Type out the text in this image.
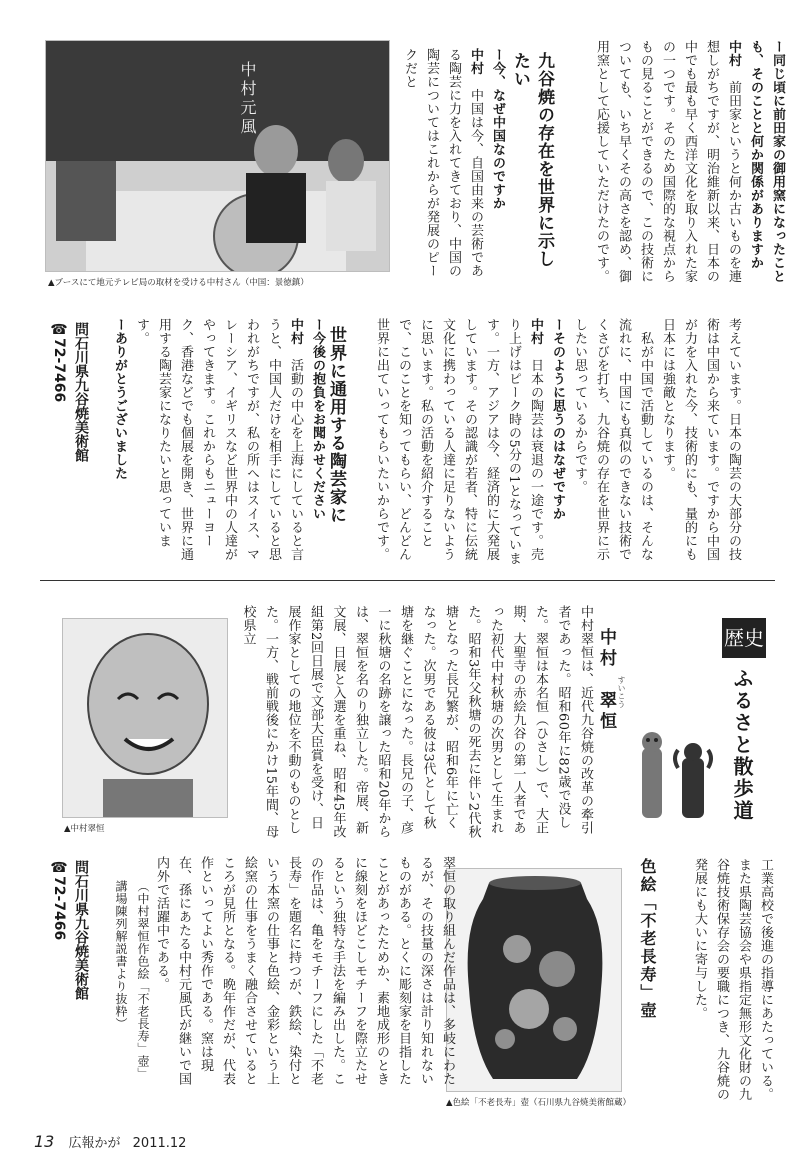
中村元風
▲ブースにて地元テレビ局の取材を受ける中村さん（中国：景徳鎮）
九谷焼の存在を世界に示したい	ー同じ頃に前田家の御用窯になったことも、そのことと何か関係がありますか

中村　前田家というと何か古いものを連想しがちですが、明治維新以来、日本の中でも最も早く西洋文化を取り入れた家の一つです。そのため国際的な視点からもの見ることができるので、この技術についても、いち早くその高さを認め、御用窯として応援していただけたのです。

ー今、なぜ中国なのですか

中村　中国は今、自国由来の芸術である陶芸に力を入れてきており、中国の陶芸についてはこれからが発展のピークだと

考えています。日本の陶芸の大部分の技術は中国から来ています。ですから中国が力を入れた今、技術的にも、量的にも日本には強敵となります。

　私が中国で活動しているのは、そんな流れに、中国にも真似のできない技術でくさびを打ち、九谷焼の存在を世界に示したい思っているからです。

ーそのように思うのはなぜですか

中村　日本の陶芸は衰退の一途です。売り上げはピーク時の5分の1となっています。一方、アジアは今、経済的に大発展しています。その認識が若者、特に伝統文化に携わっている人達に足りないように思います。私の活動を紹介することで、このことを知ってもらい、どんどん世界に出ていってもらいたいからです。

世界に通用する陶芸家に

ー今後の抱負をお聞かせください

中村　活動の中心を上海にしていると言うと、中国人だけを相手にしていると思われがちですが、私の所へはスイス、マレーシア、イギリスなど世界中の人達がやってきます。これからもニューヨーク、香港などでも個展を開き、世界に通用する陶芸家になりたいと思っています。

ーありがとうございました

問石川県九谷焼美術館
☎72-7466
歴史
ふるさと散歩道
中村　翠恒 すいこう
中村翠恒は、近代九谷焼の改革の牽引者であった。昭和60年に82歳で没した。翠恒は本名恒（ひさし）で、大正期、大聖寺の赤絵九谷の第一人者であった初代中村秋塘の次男として生まれた。昭和3年父秋塘の死去に伴い2代秋塘となった長兄繁が、昭和6年に亡くなった。次男である彼は3代として秋塘を継ぐことになった。長兄の子、彦一に秋塘の名跡を譲った昭和20年からは、翠恒を名のり独立した。帝展、新文展、日展と入選を重ね、昭和45年改組第2回日展で文部大臣賞を受け、日展作家としての地位を不動のものとした。一方、戦前戦後にかけ15年間、母校県立
▲中村翠恒
工業高校で後進の指導にあたっている。また県陶芸協会や県指定無形文化財の九谷焼技術保存会の要職につき、九谷焼の発展にも大いに寄与した。
色絵「不老長寿」壺
▲色絵「不老長寿」壺（石川県九谷焼美術館蔵）
翠恒の取り組んだ作品は、多岐にわたるが、その技量の深さは計り知れないものがある。とくに彫刻家を目指したことがあったためか、素地成形のときに線刻をほどこしモチーフを際立たせるという独特な手法を編み出した。この作品は、亀をモチーフにした「不老長寿」を題名に持つが、鉄絵、染付という本窯の仕事と色絵、金彩という上絵窯の仕事をうまく融合させているところが見所となる。晩年作だが、代表作といってよい秀作である。窯は現在、孫にあたる中村元風氏が継いで国内外で活躍中である。
（中村翠恒作色絵「不老長寿」壺」講場陳列解説書より抜粋）
問石川県九谷焼美術館
☎72-7466
13 広報かが 2011.12
